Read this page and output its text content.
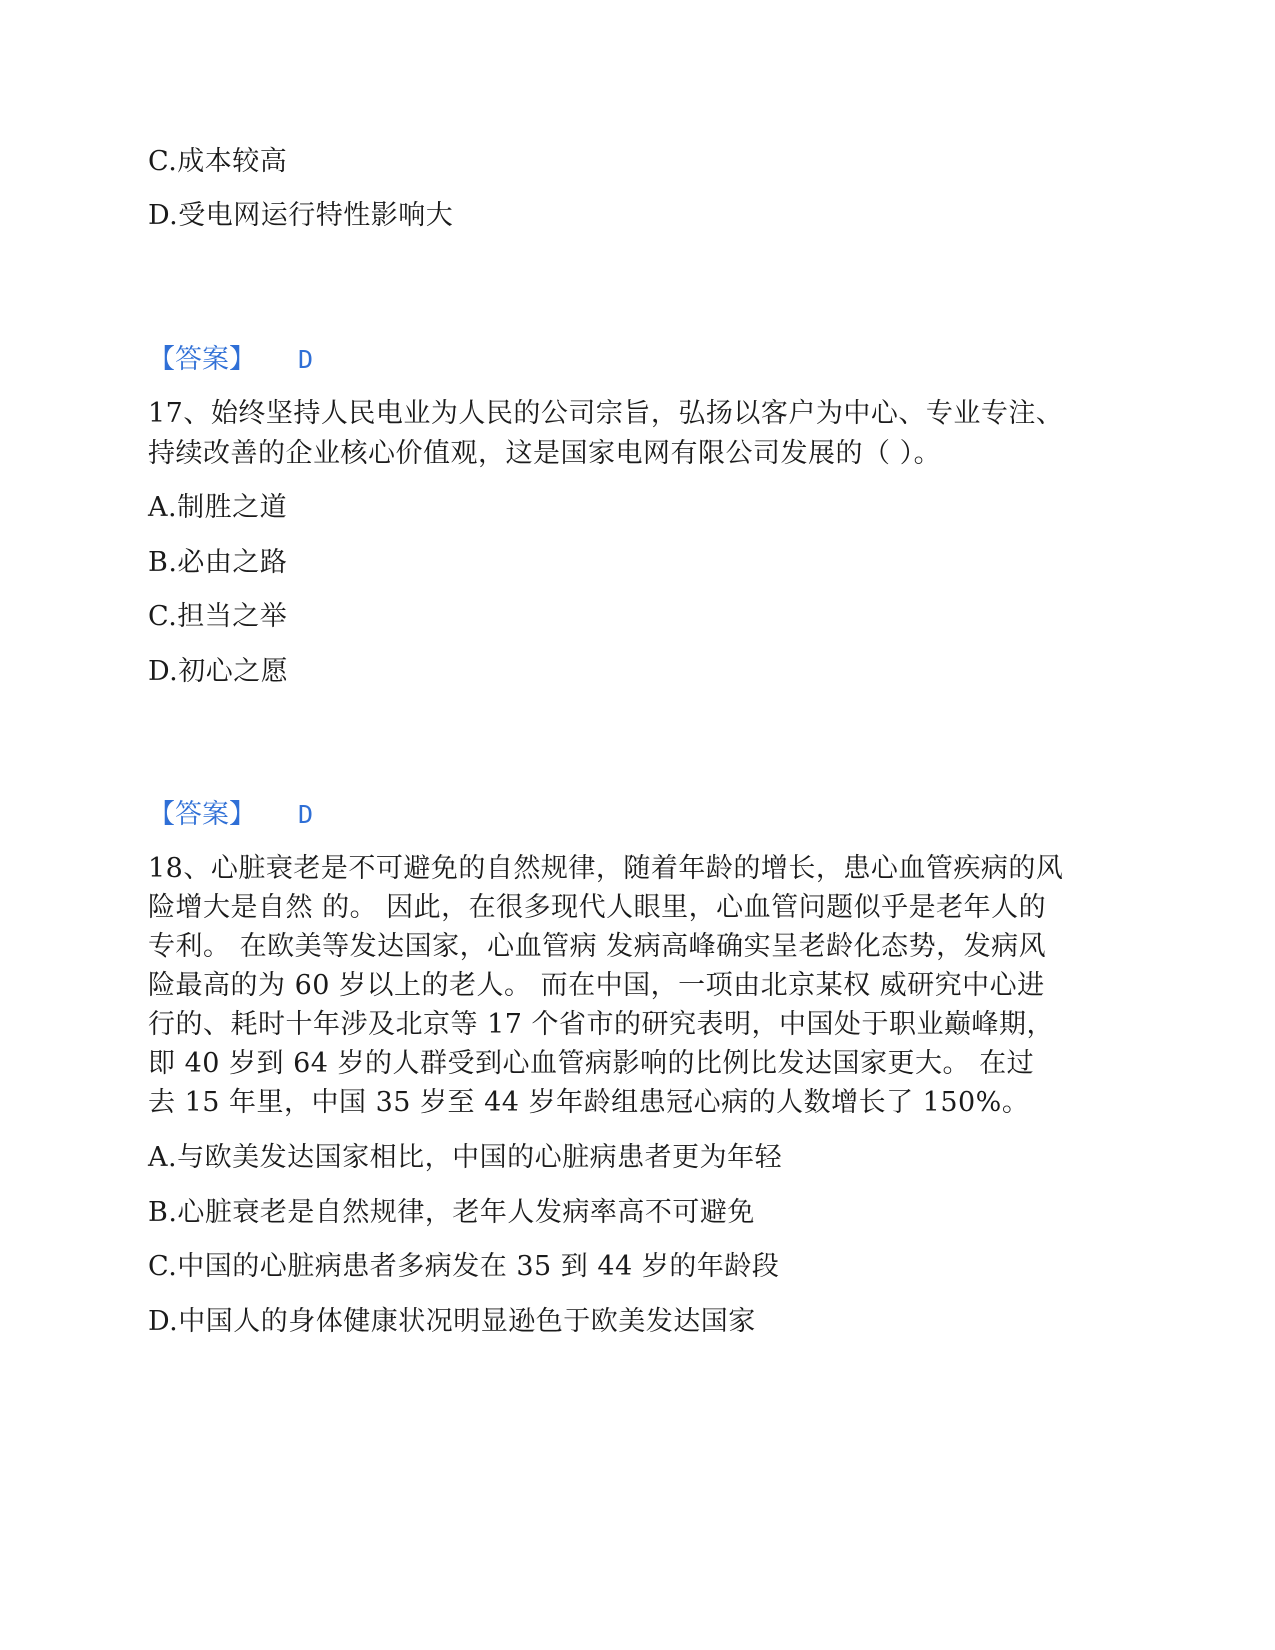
C.成本较高
D.受电网运行特性影响大
【答案】 D
17、始终坚持人民电业为人民的公司宗旨，弘扬以客户为中心、专业专注、
持续改善的企业核心价值观，这是国家电网有限公司发展的（ ）。
A.制胜之道
B.必由之路
C.担当之举
D.初心之愿
【答案】 D
18、心脏衰老是不可避免的自然规律，随着年龄的增长，患心血管疾病的风
险增大是自然 的。 因此，在很多现代人眼里，心血管问题似乎是老年人的
专利。 在欧美等发达国家，心血管病 发病高峰确实呈老龄化态势，发病风
险最高的为 60 岁以上的老人。 而在中国，一项由北京某权 威研究中心进
行的、耗时十年涉及北京等 17 个省市的研究表明，中国处于职业巅峰期，
即 40 岁到 64 岁的人群受到心血管病影响的比例比发达国家更大。 在过
去 15 年里，中国 35 岁至 44 岁年龄组患冠心病的人数增长了 150%。
A.与欧美发达国家相比，中国的心脏病患者更为年轻
B.心脏衰老是自然规律，老年人发病率高不可避免
C.中国的心脏病患者多病发在 35 到 44 岁的年龄段
D.中国人的身体健康状况明显逊色于欧美发达国家
